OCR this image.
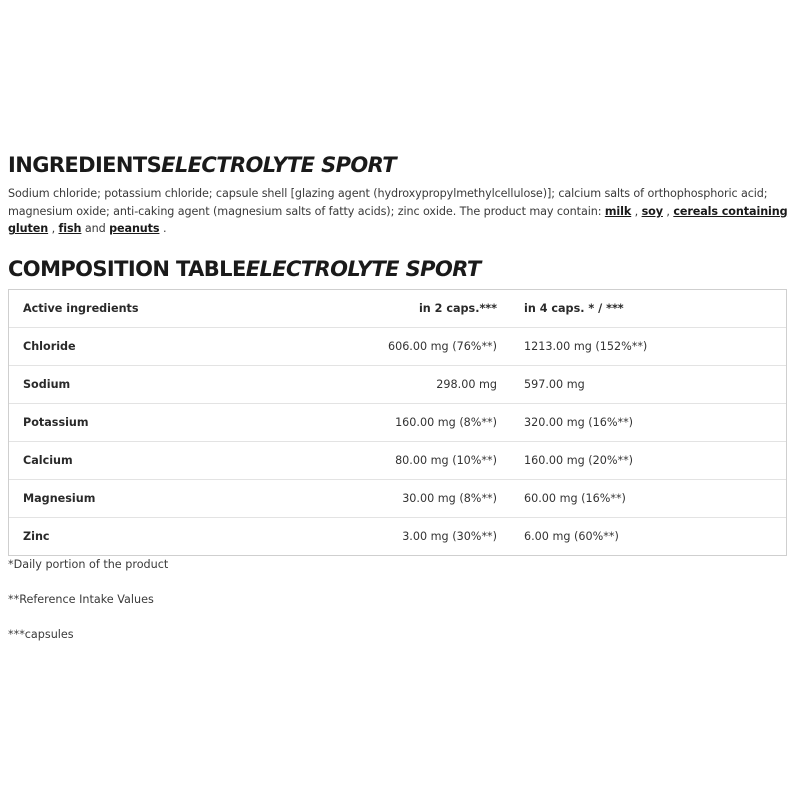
INGREDIENTSELECTROLYTE SPORT

Sodium chloride; potassium chloride; capsule shell [glazing agent (hydroxypropylmethylcellulose)]; calcium salts of orthophosphoric acid; magnesium oxide; anti-caking agent (magnesium salts of fatty acids); zinc oxide. The product may contain: milk , soy , cereals containing gluten , fish and peanuts .

COMPOSITION TABLEELECTROLYTE SPORT
Active ingredients	in 2 caps.***	in 4 caps. * / ***
Chloride	606.00 mg (76%**)	1213.00 mg (152%**)
Sodium	298.00 mg	597.00 mg
Potassium	160.00 mg (8%**)	320.00 mg (16%**)
Calcium	80.00 mg (10%**)	160.00 mg (20%**)
Magnesium	30.00 mg (8%**)	60.00 mg (16%**)
Zinc	3.00 mg (30%**)	6.00 mg (60%**)

*Daily portion of the product

**Reference Intake Values

***capsules
